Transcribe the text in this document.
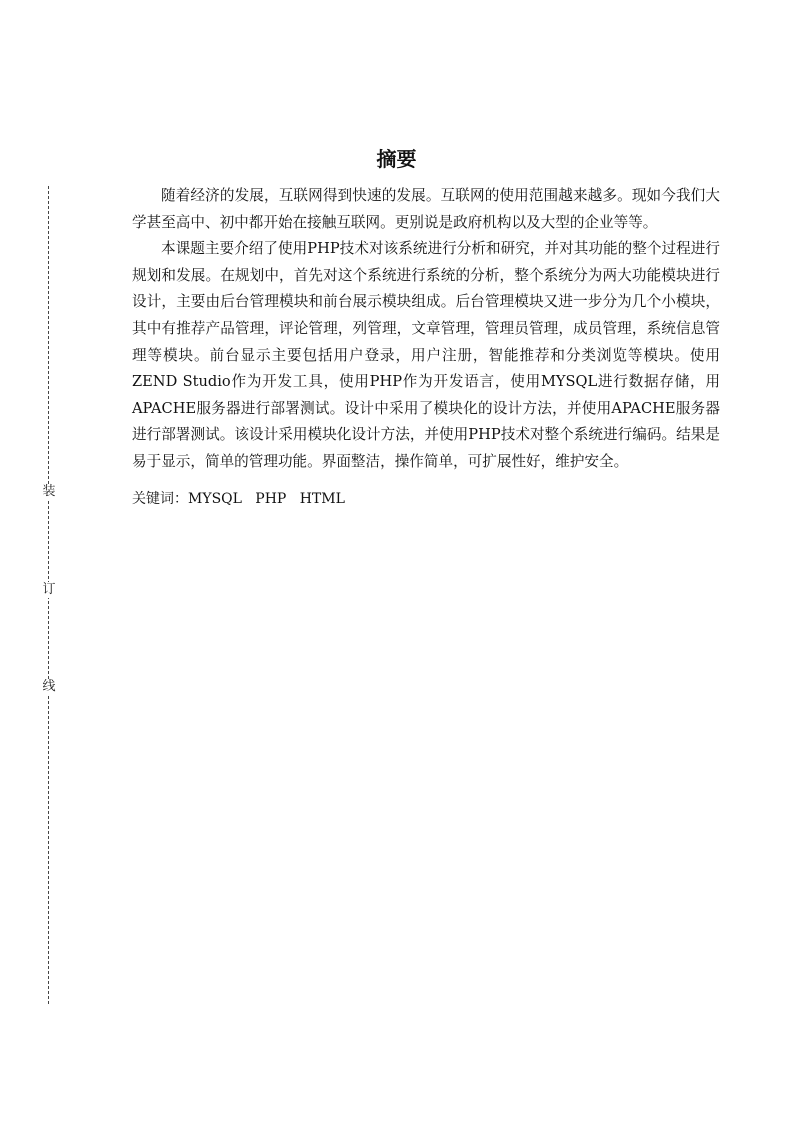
装
订
线
摘要

随着经济的发展，互联网得到快速的发展。互联网的使用范围越来越多。现如今我们大学甚至高中、初中都开始在接触互联网。更别说是政府机构以及大型的企业等等。

本课题主要介绍了使用PHP技术对该系统进行分析和研究，并对其功能的整个过程进行规划和发展。在规划中，首先对这个系统进行系统的分析，整个系统分为两大功能模块进行设计，主要由后台管理模块和前台展示模块组成。后台管理模块又进一步分为几个小模块，其中有推荐产品管理，评论管理，列管理，文章管理，管理员管理，成员管理，系统信息管理等模块。前台显示主要包括用户登录，用户注册，智能推荐和分类浏览等模块。使用ZEND Studio作为开发工具，使用PHP作为开发语言，使用MYSQL进行数据存储，用APACHE服务器进行部署测试。设计中采用了模块化的设计方法，并使用APACHE服务器进行部署测试。该设计采用模块化设计方法，并使用PHP技术对整个系统进行编码。结果是易于显示，简单的管理功能。界面整洁，操作简单，可扩展性好，维护安全。

关键词：MYSQL   PHP   HTML
